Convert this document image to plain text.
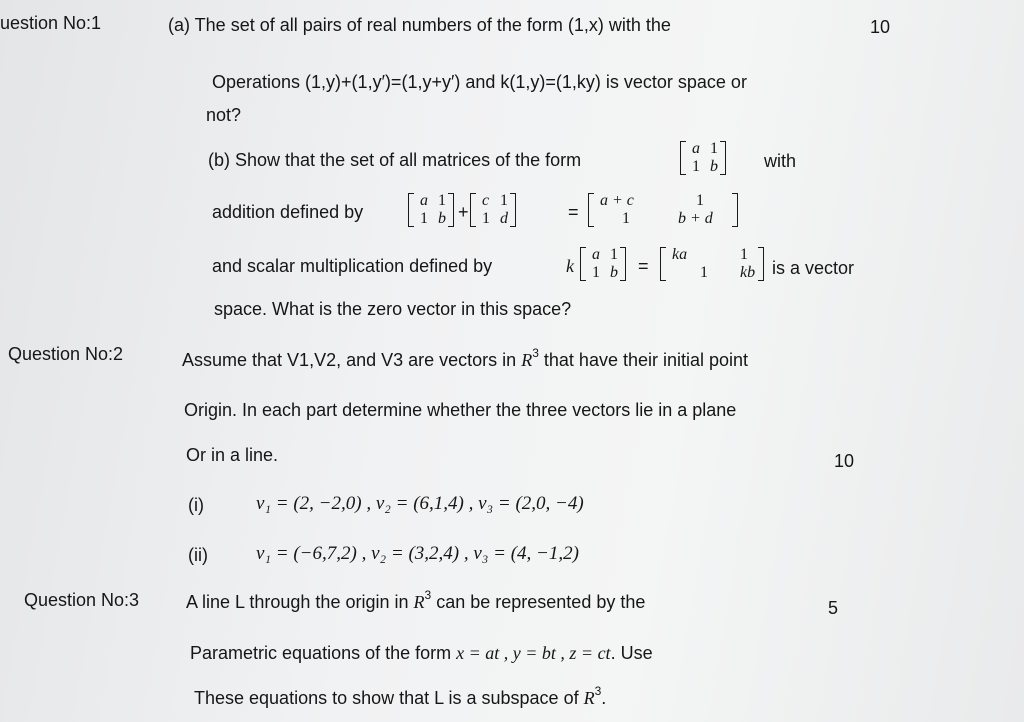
uestion No:1	(a) The set of all pairs of real numbers of the form (1,x) with the	10
Operations (1,y)+(1,y′)=(1,y+y′) and k(1,y)=(1,ky) is vector space or
not?
(b) Show that the set of all matrices of the form
a 1
1 b	with
addition defined by
a 1
1 b +
c 1
1 d	=
a + c	1
1	b + d
and scalar multiplication defined by	k
a 1
1 b =
ka	1
1 kb is a vector
space. What is the zero vector in this space?
Question No:2	Assume that V1,V2, and V3 are vectors in $R^3$ that have their initial point
Origin. In each part determine whether the three vectors lie in a plane
Or in a line.	10
(i)	v₁ = (2, −2,0) , v₂ = (6,1,4) , v₃ = (2,0, −4)
(ii)	v₁ = (−6,7,2) , v₂ = (3,2,4) , v₃ = (4, −1,2)
Question No:3	A line L through the origin in $R^3$ can be represented by the	5
Parametric equations of the form x = at , y = bt , z = ct. Use
These equations to show that L is a subspace of $R^3$.
